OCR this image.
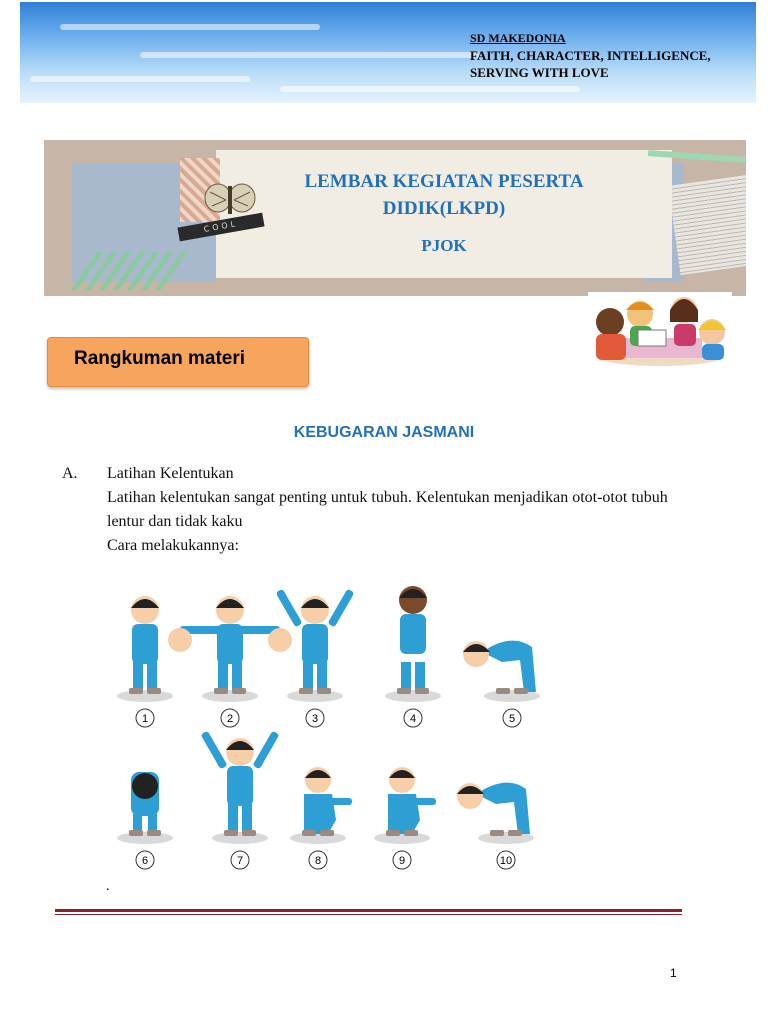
SD MAKEDONIA
FAITH, CHARACTER, INTELLIGENCE,
SERVING WITH LOVE
COOL
LEMBAR KEGIATAN PESERTA
DIDIK(LKPD)
PJOK
Rangkuman materi
KEBUGARAN JASMANI
A. Latihan Kelentukan
Latihan kelentukan sangat penting untuk tubuh. Kelentukan menjadikan otot-otot tubuh lentur dan tidak kaku
Cara melakukannya:
1	2	3	4	5
6	7	8	9	10
.
1
